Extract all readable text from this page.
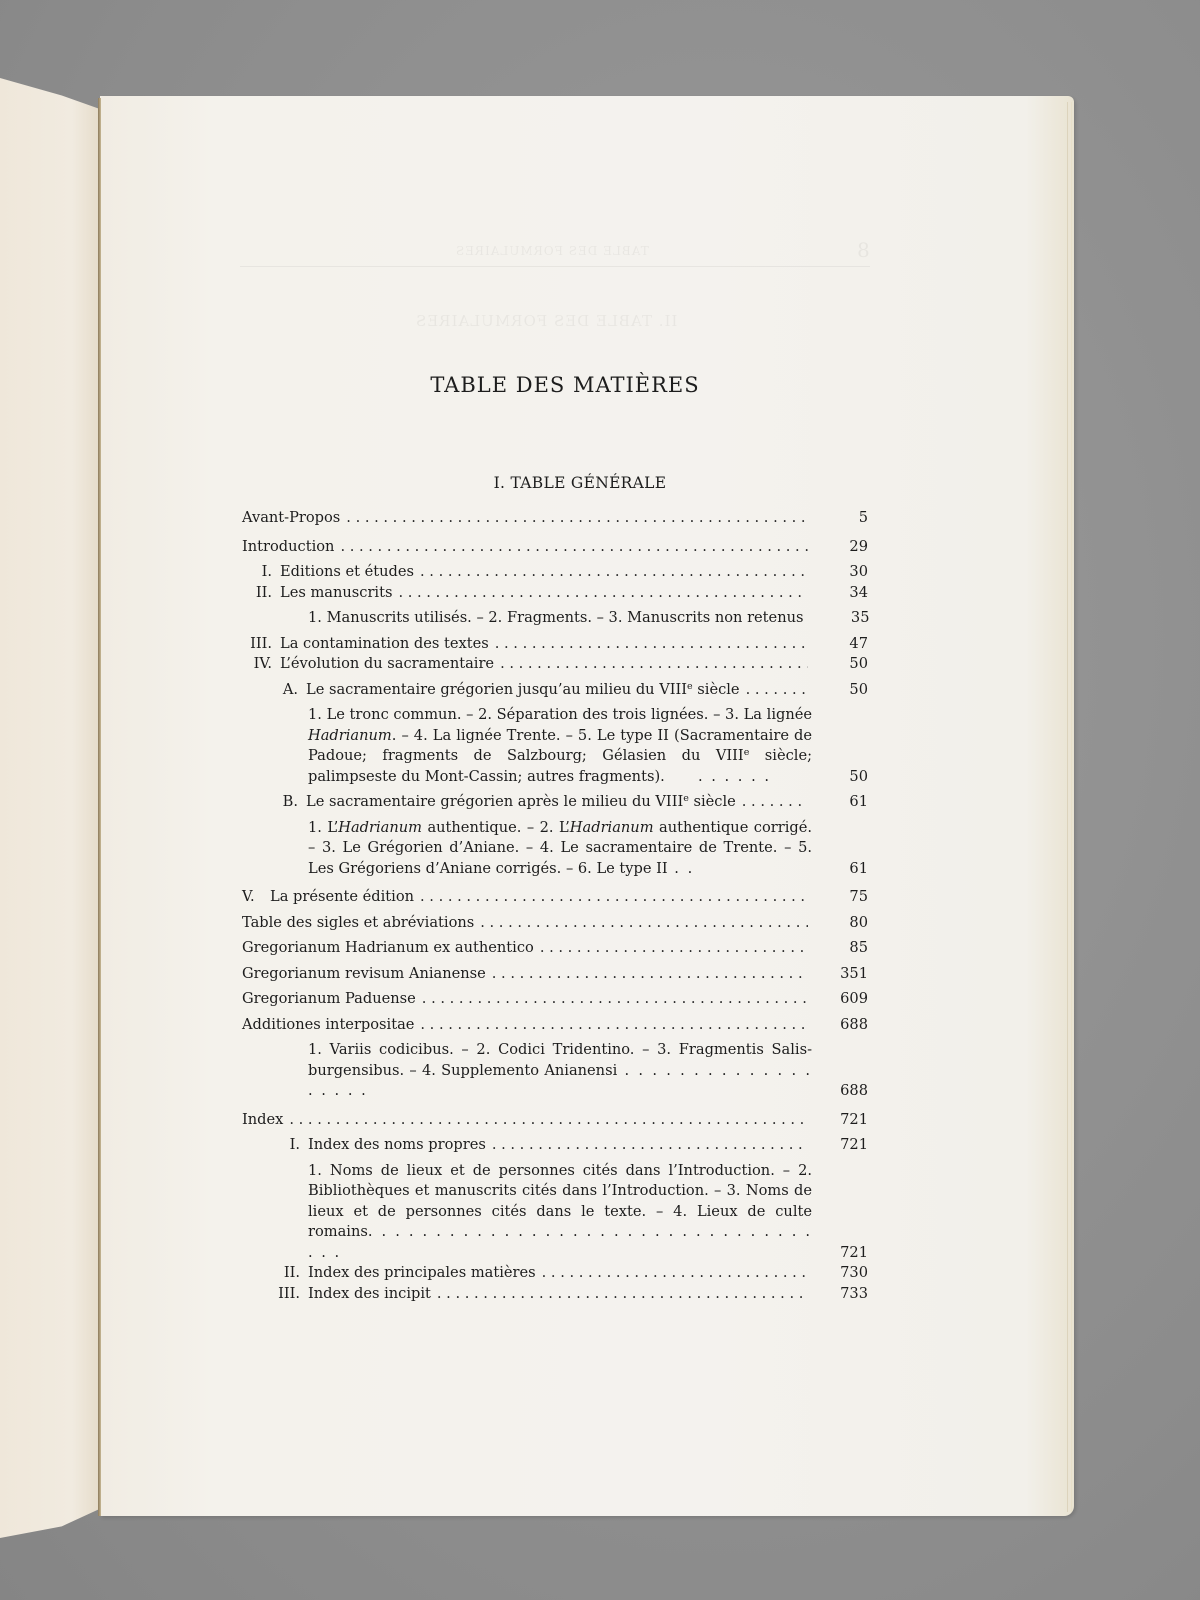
TABLE DES MATIÈRES
I. TABLE GÉNÉRALE
Avant-Propos . . .	5
Introduction . . .	29
I. Editions et études . . .	30
II. Les manuscrits . . .	34
1. Manuscrits utilisés. – 2. Fragments. – 3. Manuscrits non retenus	35
III. La contamination des textes . . .	47
IV. L’évolution du sacramentaire . . .	50
A. Le sacramentaire grégorien jusqu’au milieu du VIIIe siècle . . .	50
1. Le tronc commun. – 2. Séparation des trois lignées. – 3. La lignée Hadrianum. – 4. La lignée Trente. – 5. Le type II (Sacramentaire de Padoue; fragments de Salzbourg; Gélasien du VIIIe siècle; palimpseste du Mont-Cassin; autres fragments).     . . . . . .	50
B. Le sacramentaire grégorien après le milieu du VIIIe siècle . . .	61
1. L’Hadrianum authentique. – 2. L’Hadrianum authentique corrigé. – 3. Le Grégorien d’Aniane. – 4. Le sacramentaire de Trente. – 5. Les Grégoriens d’Aniane corrigés. – 6. Le type II . .	61
V.	La présente édition . . .	75
Table des sigles et abréviations . . .	80
Gregorianum Hadrianum ex authentico . . .	85
Gregorianum revisum Anianense . . .	351
Gregorianum Paduense . . .	609
Additiones interpositae . . .	688
1. Variis codicibus. – 2. Codici Tridentino. – 3. Fragmentis Salisburgensibus. – 4. Supplemento Anianensi . . . . . . . . . . . . . . . . . . .	688
Index . . .	721
I. Index des noms propres . . .	721
1. Noms de lieux et de personnes cités dans l’Introduction. – 2. Bibliothèques et manuscrits cités dans l’Introduction. – 3. Noms de lieux et de personnes cités dans le texte. – 4. Lieux de culte romains. . . . . . . . . . . . . . . . . . . . . . . . . . . . . . . . . . . .	721
II. Index des principales matières . . .	730
III. Index des incipit . . .	733
